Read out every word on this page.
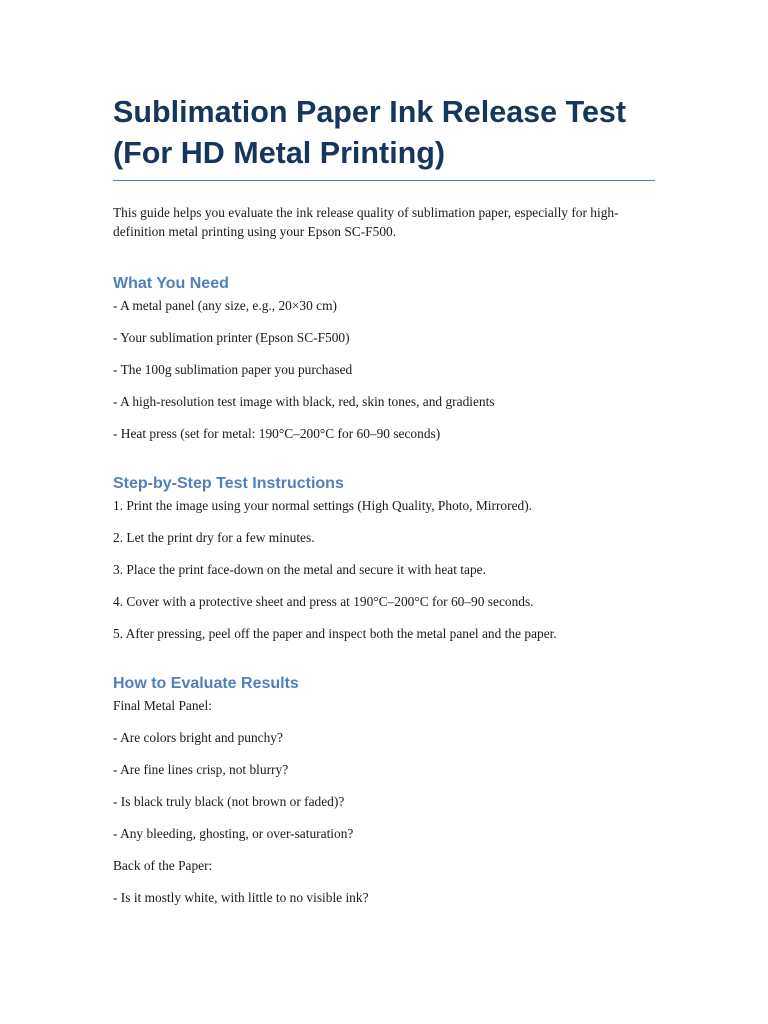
Sublimation Paper Ink Release Test (For HD Metal Printing)

This guide helps you evaluate the ink release quality of sublimation paper, especially for high-definition metal printing using your Epson SC-F500.

What You Need

- A metal panel (any size, e.g., 20×30 cm)

- Your sublimation printer (Epson SC-F500)

- The 100g sublimation paper you purchased

- A high-resolution test image with black, red, skin tones, and gradients

- Heat press (set for metal: 190°C–200°C for 60–90 seconds)

Step-by-Step Test Instructions

1. Print the image using your normal settings (High Quality, Photo, Mirrored).

2. Let the print dry for a few minutes.

3. Place the print face-down on the metal and secure it with heat tape.

4. Cover with a protective sheet and press at 190°C–200°C for 60–90 seconds.

5. After pressing, peel off the paper and inspect both the metal panel and the paper.

How to Evaluate Results

Final Metal Panel:

- Are colors bright and punchy?

- Are fine lines crisp, not blurry?

- Is black truly black (not brown or faded)?

- Any bleeding, ghosting, or over-saturation?

Back of the Paper:

- Is it mostly white, with little to no visible ink?
